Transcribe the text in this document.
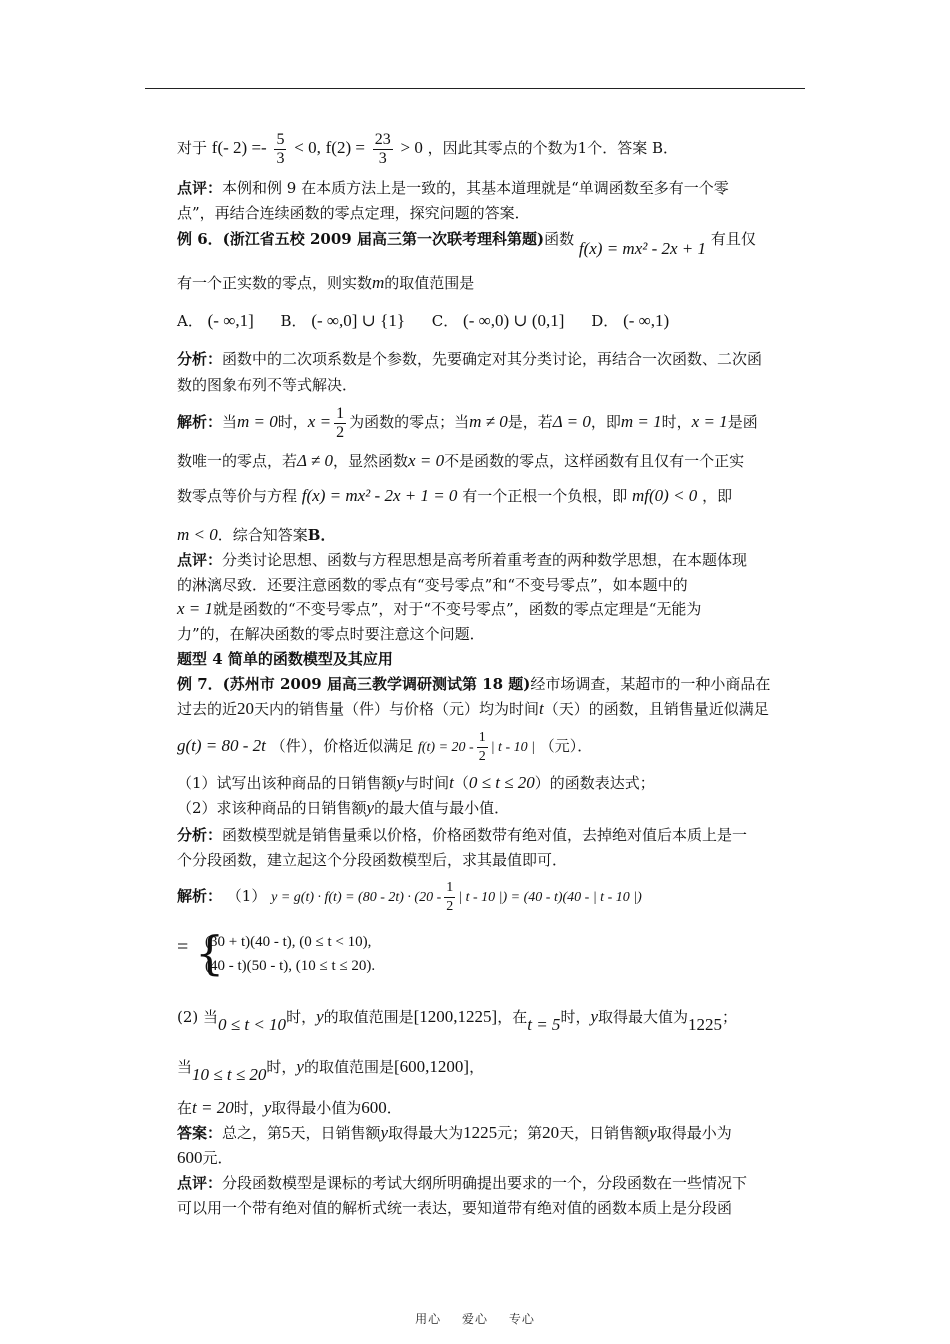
对于 f(- $2) =- \frac{5}{3} < 0$, $f(2) = \frac{23}{3} > 0$ ，因此其零点的个数为1个．答案 B．
点评：本例和例 9 在本质方法上是一致的，其基本道理就是“单调函数至多有一个零
点”，再结合连续函数的零点定理，探究问题的答案．
例 6．(浙江省五校 2009 届高三第一次联考理科第题)函数 f(x) = mx² - 2x + 1 有且仅
有一个正实数的零点，则实数m的取值范围是
A． (- ∞,1] B． (- ∞,0] ∪ {1} C． (- ∞,0) ∪ (0,1] D． (- ∞,1)
分析：函数中的二次项系数是个参数，先要确定对其分类讨论，再结合一次函数、二次函
数的图象布列不等式解决．
解析：当m = 0时，$x = \frac{1}{2}$ 为函数的零点；当m ≠ 0是，若Δ = 0，即m = 1时，x = 1是函
数唯一的零点，若Δ ≠ 0，显然函数x = 0不是函数的零点，这样函数有且仅有一个正实
数零点等价与方程 f(x) = mx² - 2x + 1 = 0 有一个正根一个负根，即 mf(0) < 0 ，即
m < 0．综合知答案B．
点评：分类讨论思想、函数与方程思想是高考所着重考查的两种数学思想，在本题体现
的淋漓尽致．还要注意函数的零点有“变号零点”和“不变号零点”，如本题中的
x = 1就是函数的“不变号零点”，对于“不变号零点”，函数的零点定理是“无能为
力”的，在解决函数的零点时要注意这个问题．
题型 4 简单的函数模型及其应用
例 7．(苏州市 2009 届高三教学调研测试第 18 题)经市场调查，某超市的一种小商品在
过去的近20天内的销售量（件）与价格（元）均为时间t（天）的函数，且销售量近似满足
g(t) = 80 - 2t （件），价格近似满足 $f(t) = 20 - \frac{1}{2}$ | t - 10 | （元）．
（1）试写出该种商品的日销售额y与时间t（0 ≤ t ≤ 20）的函数表达式；
（2）求该种商品的日销售额y的最大值与最小值．
分析：函数模型就是销售量乘以价格，价格函数带有绝对值，去掉绝对值后本质上是一
个分段函数，建立起这个分段函数模型后，求其最值即可．
解析： （1） $y = g(t) \cdot f(t) = (80 - 2t) \cdot (20 - \frac{1}{2}$ | t - 10 |) = (40 - t)(40 - | t - 10 |)
= {
(30 + t)(40 - t), (0 ≤ t < 10),
(40 - t)(50 - t), (10 ≤ t ≤ 20).
(2) 当0 ≤ t < 10时，y的取值范围是[1200,1225]，在t = 5时，y取得最大值为1225；
当10 ≤ t ≤ 20时，y的取值范围是[600,1200]，
在t = 20时，y取得最小值为600．
答案：总之，第5天，日销售额y取得最大为1225元；第20天，日销售额y取得最小为
600元．
点评：分段函数模型是课标的考试大纲所明确提出要求的一个，分段函数在一些情况下
可以用一个带有绝对值的解析式统一表达，要知道带有绝对值的函数本质上是分段函
用心 爱心 专心
